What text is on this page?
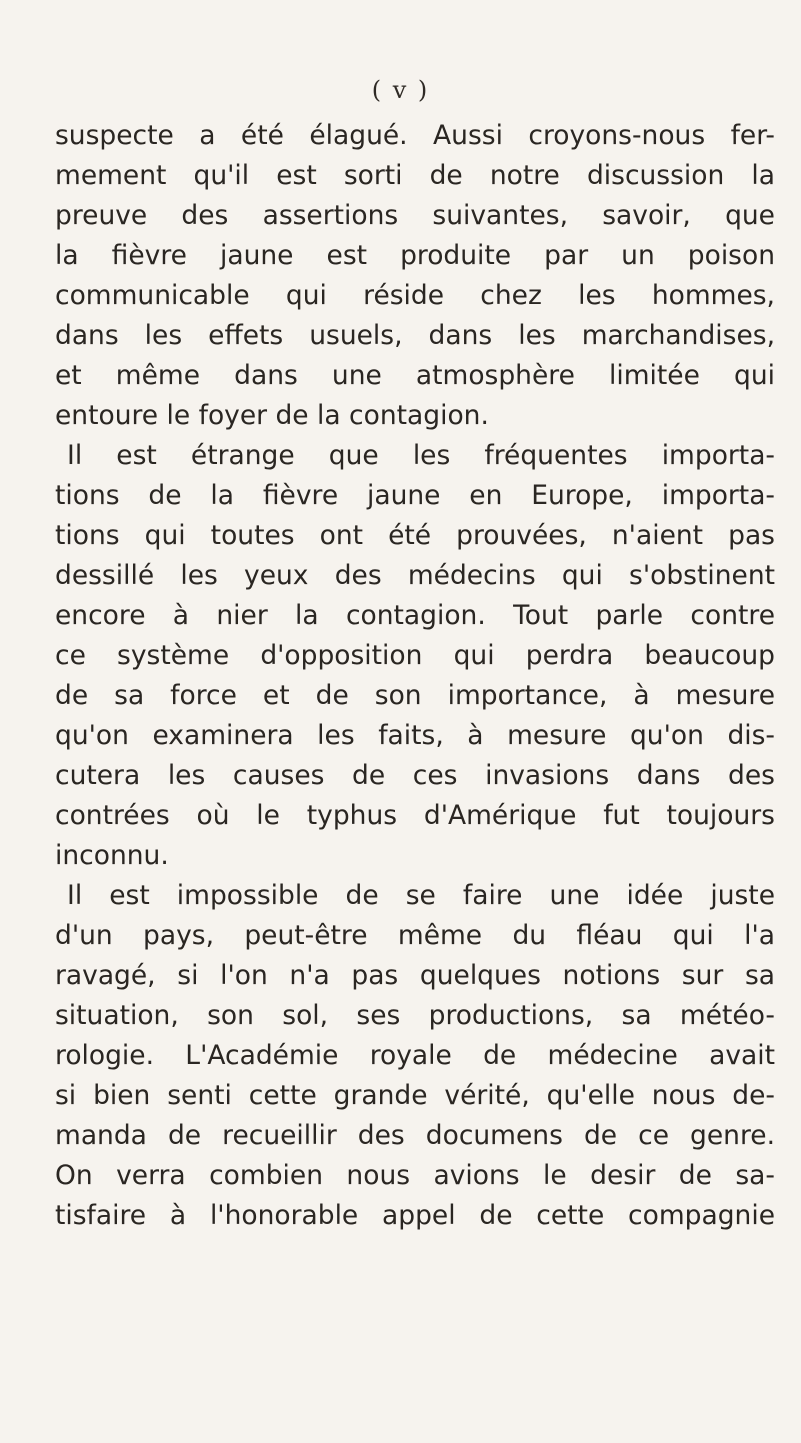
( v )
suspecte a été élagué. Aussi croyons-nous fer-
mement qu'il est sorti de notre discussion la
preuve des assertions suivantes, savoir, que
la fièvre jaune est produite par un poison
communicable qui réside chez les hommes,
dans les effets usuels, dans les marchandises,
et même dans une atmosphère limitée qui
entoure le foyer de la contagion.
Il est étrange que les fréquentes importa-
tions de la fièvre jaune en Europe, importa-
tions qui toutes ont été prouvées, n'aient pas
dessillé les yeux des médecins qui s'obstinent
encore à nier la contagion. Tout parle contre
ce système d'opposition qui perdra beaucoup
de sa force et de son importance, à mesure
qu'on examinera les faits, à mesure qu'on dis-
cutera les causes de ces invasions dans des
contrées où le typhus d'Amérique fut toujours
inconnu.
Il est impossible de se faire une idée juste
d'un pays, peut-être même du fléau qui l'a
ravagé, si l'on n'a pas quelques notions sur sa
situation, son sol, ses productions, sa météo-
rologie. L'Académie royale de médecine avait
si bien senti cette grande vérité, qu'elle nous de-
manda de recueillir des documens de ce genre.
On verra combien nous avions le desir de sa-
tisfaire à l'honorable appel de cette compagnie
